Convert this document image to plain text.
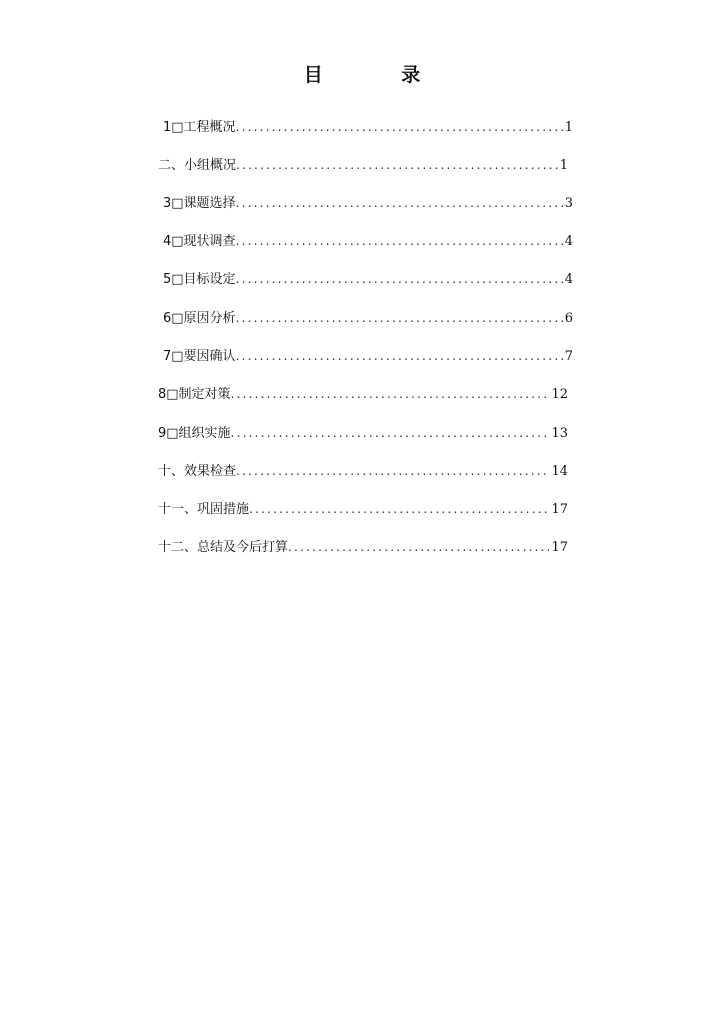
目 录
1□工程概况 .....	1
二、小组概况 .....	1
3□课题选择 .....	3
4□现状调查 .....	4
5□目标设定 .....	4
6□原因分析 .....	6
7□要因确认 .....	7
8□制定对策 .....	12
9□组织实施 .....	13
十、效果检查 .....	14
十一、巩固措施 .....	17
十二、总结及今后打算 .....	17
